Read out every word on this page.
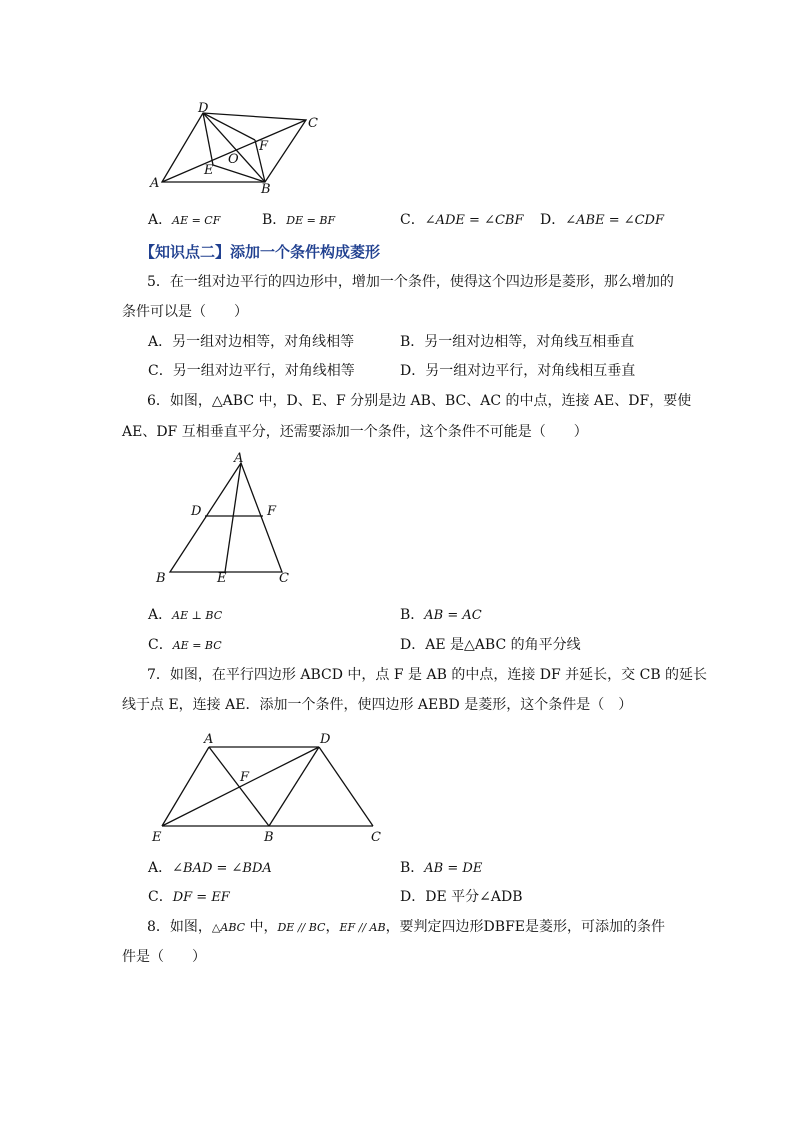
D
C
A	B
O
E
F
A．AE = CF	B．DE = BF	C．∠ADE = ∠CBF D．∠ABE = ∠CDF
【知识点二】添加一个条件构成菱形
5．在一组对边平行的四边形中，增加一个条件，使得这个四边形是菱形，那么增加的
条件可以是（　　）
A．另一组对边相等，对角线相等	B．另一组对边相等，对角线互相垂直
C．另一组对边平行，对角线相等	D．另一组对边平行，对角线相互垂直
6．如图，△ABC 中，D、E、F 分别是边 AB、BC、AC 的中点，连接 AE、DF，要使
AE、DF 互相垂直平分，还需要添加一个条件，这个条件不可能是（　　）
A
D	F
B	E	C
A．AE ⊥ BC	B．AB = AC
C．AE = BC	D．AE 是△ABC 的角平分线
7．如图，在平行四边形 ABCD 中，点 F 是 AB 的中点，连接 DF 并延长，交 CB 的延长
线于点 E，连接 AE．添加一个条件，使四边形 AEBD 是菱形，这个条件是（　）
A	D
F
E	B	C
A．∠BAD = ∠BDA	B．AB = DE
C．DF = EF	D．DE 平分∠ADB
8．如图，△ABC 中，DE // BC，EF // AB，要判定四边形DBFE是菱形，可添加的条件
件是（　　）
